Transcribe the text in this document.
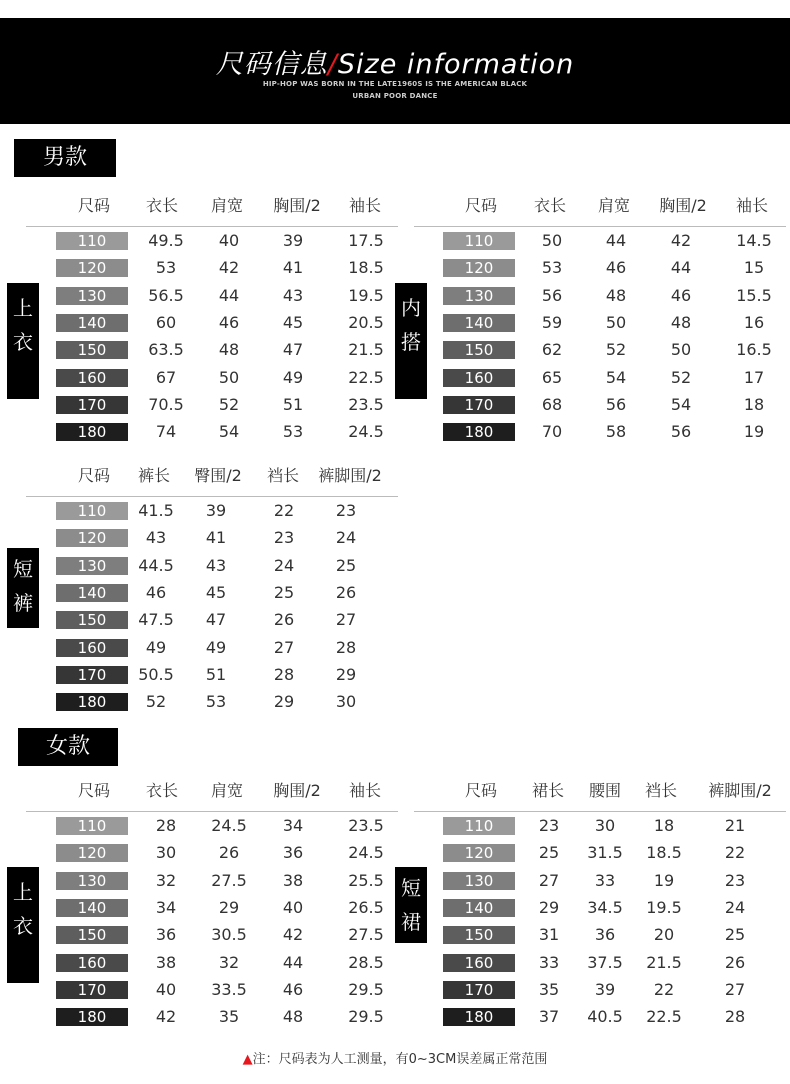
尺码信息/Size information
HIP-HOP WAS BORN IN THE LATE1960S IS THE AMERICAN BLACK
URBAN POOR DANCE
男款
尺码	衣长	肩宽	胸围/2	袖长
110	49.5	40	39	17.5
120	53	42	41	18.5
130	56.5	44	43	19.5
140	60	46	45	20.5
150	63.5	48	47	21.5
160	67	50	49	22.5
170	70.5	52	51	23.5
180	74	54	53	24.5
尺码	衣长	肩宽	胸围/2	袖长
110	50	44	42	14.5
120	53	46	44	15
130	56	48	46	15.5
140	59	50	48	16
150	62	52	50	16.5
160	65	54	52	17
170	68	56	54	18
180	70	58	56	19
尺码	裤长	臀围/2	裆长	裤脚围/2
110	41.5	39	22	23
120	43	41	23	24
130	44.5	43	24	25
140	46	45	25	26
150	47.5	47	26	27
160	49	49	27	28
170	50.5	51	28	29
180	52	53	29	30
女款
尺码	衣长	肩宽	胸围/2	袖长
110	28	24.5	34	23.5
120	30	26	36	24.5
130	32	27.5	38	25.5
140	34	29	40	26.5
150	36	30.5	42	27.5
160	38	32	44	28.5
170	40	33.5	46	29.5
180	42	35	48	29.5
尺码	裙长	腰围	裆长	裤脚围/2
110	23	30	18	21
120	25	31.5	18.5	22
130	27	33	19	23
140	29	34.5	19.5	24
150	31	36	20	25
160	33	37.5	21.5	26
170	35	39	22	27
180	37	40.5	22.5	28
上
衣
内
搭
短
裤
上
衣
短
裙
▲注：尺码表为人工测量，有0~3CM误差属正常范围
